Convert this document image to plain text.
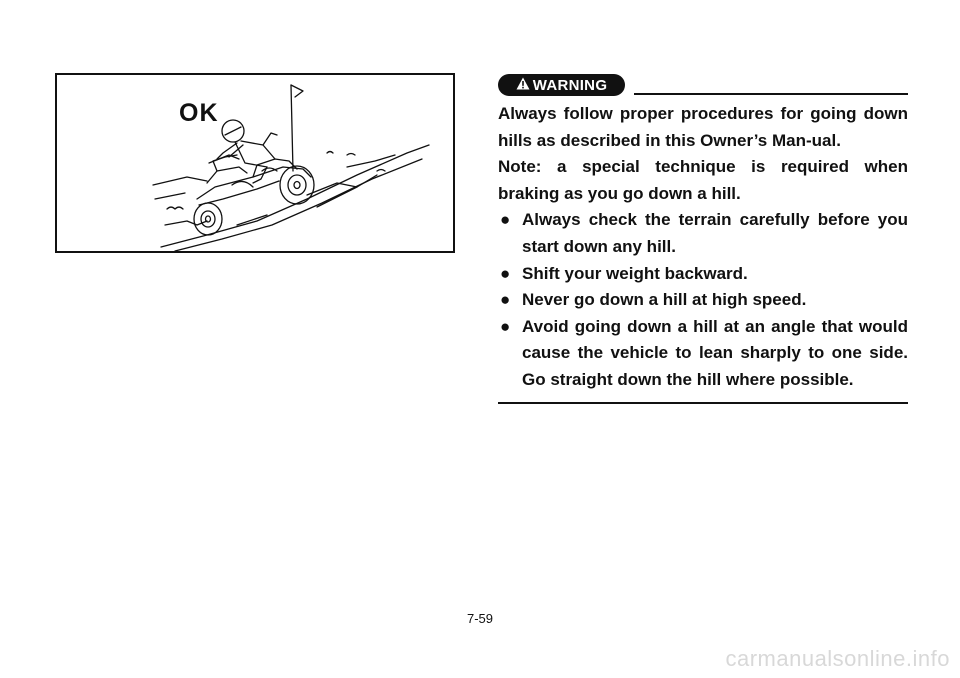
OK
WARNING

Always follow proper procedures for going down hills as described in this Owner’s Man-ual.

Note: a special technique is required when braking as you go down a hill.

● Always check the terrain carefully before you start down any hill.
● Shift your weight backward.
● Never go down a hill at high speed.
● Avoid going down a hill at an angle that would cause the vehicle to lean sharply to one side. Go straight down the hill where possible.
7-59
carmanualsonline.info
